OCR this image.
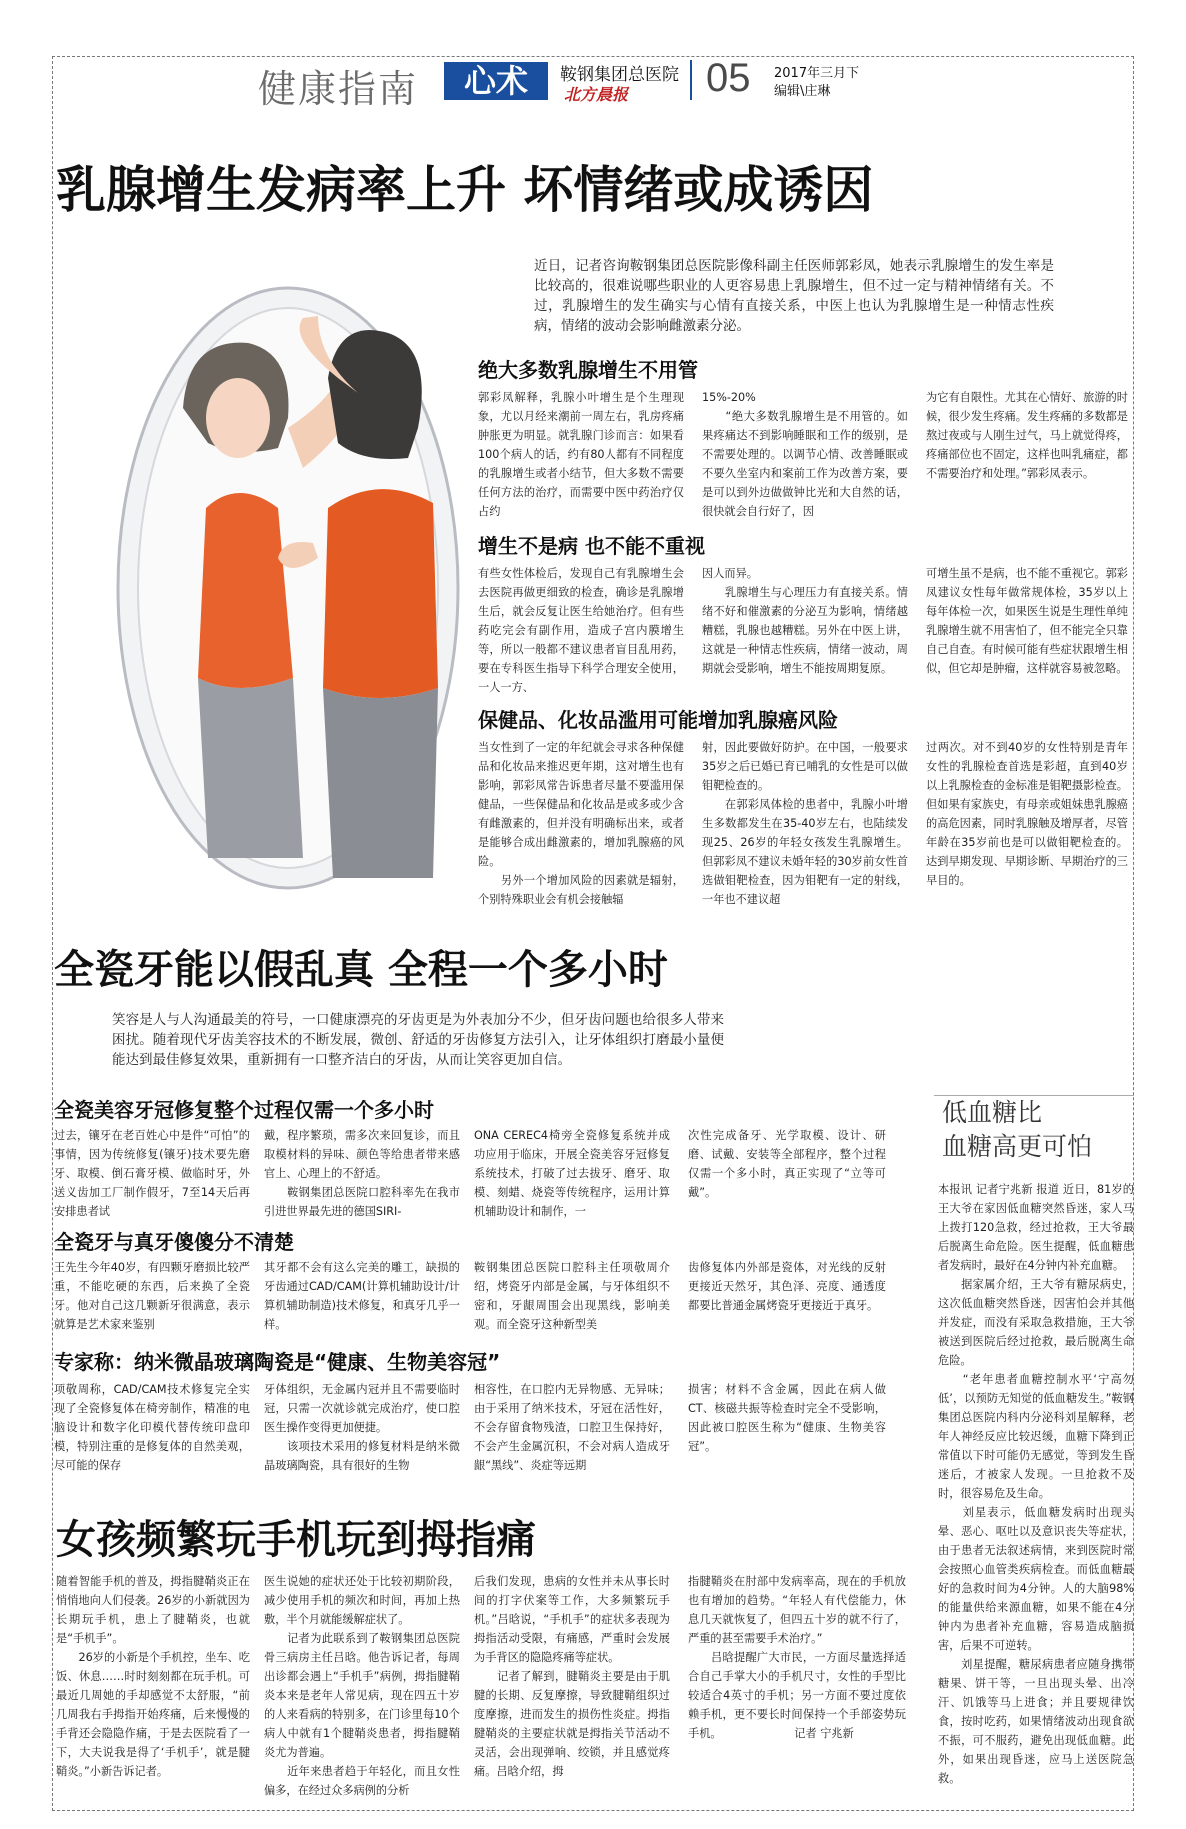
健康指南	心术	鞍钢集团总医院
北方晨报 05 2017年三月下
编辑\庄琳
乳腺增生发病率上升 坏情绪或成诱因
近日，记者咨询鞍钢集团总医院影像科副主任医师郭彩凤，她表示乳腺增生的发生率是比较高的，很难说哪些职业的人更容易患上乳腺增生，但不过一定与精神情绪有关。不过，乳腺增生的发生确实与心情有直接关系，中医上也认为乳腺增生是一种情志性疾病，情绪的波动会影响雌激素分泌。
绝大多数乳腺增生不用管
郭彩凤解释，乳腺小叶增生是个生理现象，尤以月经来潮前一周左右，乳房疼痛肿胀更为明显。就乳腺门诊而言：如果看100个病人的话，约有80人都有不同程度的乳腺增生或者小结节，但大多数不需要任何方法的治疗，而需要中医中药治疗仅占约
15%-20%
　　“绝大多数乳腺增生是不用管的。如果疼痛达不到影响睡眠和工作的级别，是不需要处理的。以调节心情、改善睡眠或不要久坐室内和案前工作为改善方案，要是可以到外边做做钟比光和大自然的话，很快就会自行好了，因
为它有自限性。尤其在心情好、旅游的时候，很少发生疼痛。发生疼痛的多数都是熬过夜或与人刚生过气，马上就觉得疼，疼痛部位也不固定，这样也叫乳痛症，都不需要治疗和处理。”郭彩凤表示。
增生不是病 也不能不重视
有些女性体检后，发现自己有乳腺增生会去医院再做更细致的检查，确诊是乳腺增生后，就会反复让医生给她治疗。但有些药吃完会有副作用，造成子宫内膜增生等，所以一般都不建议患者盲目乱用药，要在专科医生指导下科学合理安全使用，一人一方、
因人而异。
　　乳腺增生与心理压力有直接关系。情绪不好和催激素的分泌互为影响，情绪越糟糕，乳腺也越糟糕。另外在中医上讲，这就是一种情志性疾病，情绪一波动，周期就会受影响，增生不能按周期复原。
可增生虽不是病，也不能不重视它。郭彩凤建议女性每年做常规体检，35岁以上每年体检一次，如果医生说是生理性单纯乳腺增生就不用害怕了，但不能完全只靠自己自查。有时候可能有些症状跟增生相似，但它却是肿瘤，这样就容易被忽略。
保健品、化妆品滥用可能增加乳腺癌风险
当女性到了一定的年纪就会寻求各种保健品和化妆品来推迟更年期，这对增生也有影响，郭彩凤常告诉患者尽量不要滥用保健品，一些保健品和化妆品是或多或少含有雌激素的，但并没有明确标出来，或者是能够合成出雌激素的，增加乳腺癌的风险。
　　另外一个增加风险的因素就是辐射，个别特殊职业会有机会接触辐
射，因此要做好防护。在中国，一般要求35岁之后已婚已育已哺乳的女性是可以做钼靶检查的。
　　在郭彩凤体检的患者中，乳腺小叶增生多数都发生在35-40岁左右，也陆续发现25、26岁的年轻女孩发生乳腺增生。但郭彩凤不建议未婚年轻的30岁前女性首选做钼靶检查，因为钼靶有一定的射线，一年也不建议超
过两次。对不到40岁的女性特别是青年女性的乳腺检查首选是彩超，直到40岁以上乳腺检查的金标准是钼靶摄影检查。但如果有家族史，有母亲或姐妹患乳腺癌的高危因素，同时乳腺触及增厚者，尽管年龄在35岁前也是可以做钼靶检查的。达到早期发现、早期诊断、早期治疗的三早目的。
全瓷牙能以假乱真 全程一个多小时
笑容是人与人沟通最美的符号，一口健康漂亮的牙齿更是为外表加分不少，但牙齿问题也给很多人带来困扰。随着现代牙齿美容技术的不断发展，微创、舒适的牙齿修复方法引入，让牙体组织打磨最小量便能达到最佳修复效果，重新拥有一口整齐洁白的牙齿，从而让笑容更加自信。
全瓷美容牙冠修复整个过程仅需一个多小时
过去，镶牙在老百姓心中是件“可怕”的事情，因为传统修复(镶牙)技术要先磨牙、取模、倒石膏牙模、做临时牙，外送义齿加工厂制作假牙，7至14天后再安排患者试
戴，程序繁琐，需多次来回复诊，而且取模材料的异味、颜色等给患者带来感官上、心理上的不舒适。
　　鞍钢集团总医院口腔科率先在我市引进世界最先进的德国SIRI-
ONA CEREC4椅旁全瓷修复系统并成功应用于临床，开展全瓷美容牙冠修复系统技术，打破了过去拔牙、磨牙、取模、刻蜡、烧瓷等传统程序，运用计算机辅助设计和制作，一
次性完成备牙、光学取模、设计、研磨、试戴、安装等全部程序，整个过程仅需一个多小时，真正实现了“立等可戴”。
全瓷牙与真牙傻傻分不清楚
王先生今年40岁，有四颗牙磨损比较严重，不能吃硬的东西，后来换了全瓷牙。他对自己这几颗新牙很满意，表示就算是艺术家来鉴别
其牙都不会有这么完美的雕工，缺损的牙齿通过CAD/CAM(计算机辅助设计/计算机辅助制造)技术修复，和真牙几乎一样。
鞍钢集团总医院口腔科主任项敬周介绍，烤瓷牙内部是金属，与牙体组织不密和，牙龈周围会出现黑线，影响美观。而全瓷牙这种新型美
齿修复体内外部是瓷体，对光线的反射更接近天然牙，其色泽、亮度、通透度都要比普通金属烤瓷牙更接近于真牙。
专家称：纳米微晶玻璃陶瓷是“健康、生物美容冠”
项敬周称，CAD/CAM技术修复完全实现了全瓷修复体在椅旁制作，精准的电脑设计和数字化印模代替传统印盘印模，特别注重的是修复体的自然美观，尽可能的保存
牙体组织，无金属内冠并且不需要临时冠，只需一次就诊就完成治疗，使口腔医生操作变得更加便捷。
　　该项技术采用的修复材料是纳米微晶玻璃陶瓷，具有很好的生物
相容性，在口腔内无异物感、无异味；由于采用了纳米技术，牙冠在活性好，不会存留食物残渣，口腔卫生保持好，不会产生金属沉积，不会对病人造成牙龈“黑线”、炎症等远期
损害；材料不含金属，因此在病人做CT、核磁共振等检查时完全不受影响，因此被口腔医生称为“健康、生物美容冠”。
女孩频繁玩手机玩到拇指痛
随着智能手机的普及，拇指腱鞘炎正在悄悄地向人们侵袭。26岁的小新就因为长期玩手机，患上了腱鞘炎，也就是“手机手”。
　　26岁的小新是个手机控，坐车、吃饭、休息……时时刻刻都在玩手机。可最近几周她的手却感觉不太舒服，“前几周我右手拇指开始疼痛，后来慢慢的手背还会隐隐作痛，于是去医院看了一下，大夫说我是得了‘手机手’，就是腱鞘炎。”小新告诉记者。
医生说她的症状还处于比较初期阶段，减少使用手机的频次和时间，再加上热敷，半个月就能缓解症状了。
　　记者为此联系到了鞍钢集团总医院骨三病房主任吕晗。他告诉记者，每周出诊都会遇上“手机手”病例，拇指腱鞘炎本来是老年人常见病，现在四五十岁的人来看病的特别多，在门诊里每10个病人中就有1个腱鞘炎患者，拇指腱鞘炎尤为普遍。
　　近年来患者趋于年轻化，而且女性偏多，在经过众多病例的分析
后我们发现，患病的女性并未从事长时间的打字伏案等工作，大多频繁玩手机。”吕晗说，“手机手”的症状多表现为拇指活动受限，有痛感，严重时会发展为手背区的隐隐疼痛等症状。
　　记者了解到，腱鞘炎主要是由于肌腱的长期、反复摩擦，导致腱鞘组织过度摩擦，进而发生的损伤性炎症。拇指腱鞘炎的主要症状就是拇指关节活动不灵活，会出现弹响、绞锁，并且感觉疼痛。吕晗介绍，拇
指腱鞘炎在肘部中发病率高，现在的手机放也有增加的趋势。“年轻人有代偿能力，休息几天就恢复了，但四五十岁的就不行了，严重的甚至需要手术治疗。”
　　吕晗提醒广大市民，一方面尽量选择适合自己手掌大小的手机尺寸，女性的手型比较适合4英寸的手机；另一方面不要过度依赖手机，更不要长时间保持一个手部姿势玩手机。　　　　　　　记者 宁兆新
低血糖比
血糖高更可怕
本报讯 记者宁兆新 报道 近日，81岁的王大爷在家因低血糖突然昏迷，家人马上拨打120急救，经过抢救，王大爷最后脱离生命危险。医生提醒，低血糖患者发病时，最好在4分钟内补充血糖。
　　据家属介绍，王大爷有糖尿病史，这次低血糖突然昏迷，因害怕会并其他并发症，而没有采取急救措施，王大爷被送到医院后经过抢救，最后脱离生命危险。
　　“老年患者血糖控制水平‘宁高勿低’，以预防无知觉的低血糖发生。”鞍钢集团总医院内科内分泌科刘星解释，老年人神经反应比较迟缓，血糖下降到正常值以下时可能仍无感觉，等到发生昏迷后，才被家人发现。一旦抢救不及时，很容易危及生命。
　　刘星表示，低血糖发病时出现头晕、恶心、呕吐以及意识丧失等症状，由于患者无法叙述病情，来到医院时常会按照心血管类疾病检查。而低血糖最好的急救时间为4分钟。人的大脑98%的能量供给来源血糖，如果不能在4分钟内为患者补充血糖，容易造成脑损害，后果不可逆转。
　　刘星提醒，糖尿病患者应随身携带糖果、饼干等，一旦出现头晕、出冷汗、饥饿等马上进食；并且要规律饮食，按时吃药，如果情绪波动出现食欲不振，可不服药，避免出现低血糖。此外，如果出现昏迷，应马上送医院急救。
